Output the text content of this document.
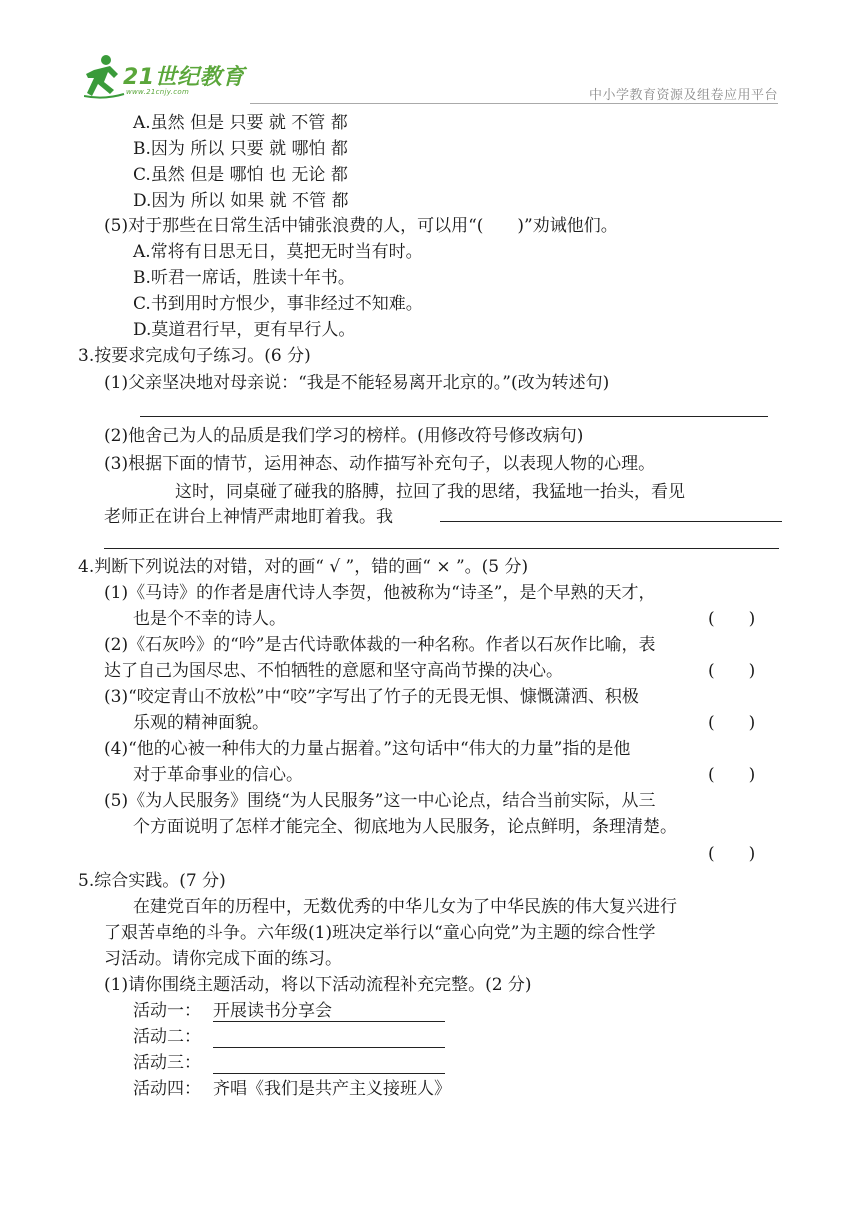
21世纪教育
www.21cnjy.com	中小学教育资源及组卷应用平台
A.虽然 但是 只要 就 不管 都
B.因为 所以 只要 就 哪怕 都
C.虽然 但是 哪怕 也 无论 都
D.因为 所以 如果 就 不管 都
(5)对于那些在日常生活中铺张浪费的人，可以用“(　　)”劝诫他们。
A.常将有日思无日，莫把无时当有时。
B.听君一席话，胜读十年书。
C.书到用时方恨少，事非经过不知难。
D.莫道君行早，更有早行人。
3.按要求完成句子练习。(6 分)
(1)父亲坚决地对母亲说：“我是不能轻易离开北京的。”(改为转述句)
(2)他舍己为人的品质是我们学习的榜样。(用修改符号修改病句)
(3)根据下面的情节，运用神态、动作描写补充句子，以表现人物的心理。
这时，同桌碰了碰我的胳膊，拉回了我的思绪，我猛地一抬头，看见
老师正在讲台上神情严肃地盯着我。我
4.判断下列说法的对错，对的画“ √ ”，错的画“ × ”。(5 分)
(1)《马诗》的作者是唐代诗人李贺，他被称为“诗圣”，是个早熟的天才，
也是个不幸的诗人。	(　　)
(2)《石灰吟》的“吟”是古代诗歌体裁的一种名称。作者以石灰作比喻，表
达了自己为国尽忠、不怕牺牲的意愿和坚守高尚节操的决心。	(　　)
(3)“咬定青山不放松”中“咬”字写出了竹子的无畏无惧、慷慨潇洒、积极
乐观的精神面貌。	(　　)
(4)“他的心被一种伟大的力量占据着。”这句话中“伟大的力量”指的是他
对于革命事业的信心。	(　　)
(5)《为人民服务》围绕“为人民服务”这一中心论点，结合当前实际，从三
个方面说明了怎样才能完全、彻底地为人民服务，论点鲜明，条理清楚。
(　　)
5.综合实践。(7 分)
在建党百年的历程中，无数优秀的中华儿女为了中华民族的伟大复兴进行
了艰苦卓绝的斗争。六年级(1)班决定举行以“童心向党”为主题的综合性学
习活动。请你完成下面的练习。
(1)请你围绕主题活动，将以下活动流程补充完整。(2 分)
活动一： 开展读书分享会
活动二：
活动三：
活动四： 齐唱《我们是共产主义接班人》
